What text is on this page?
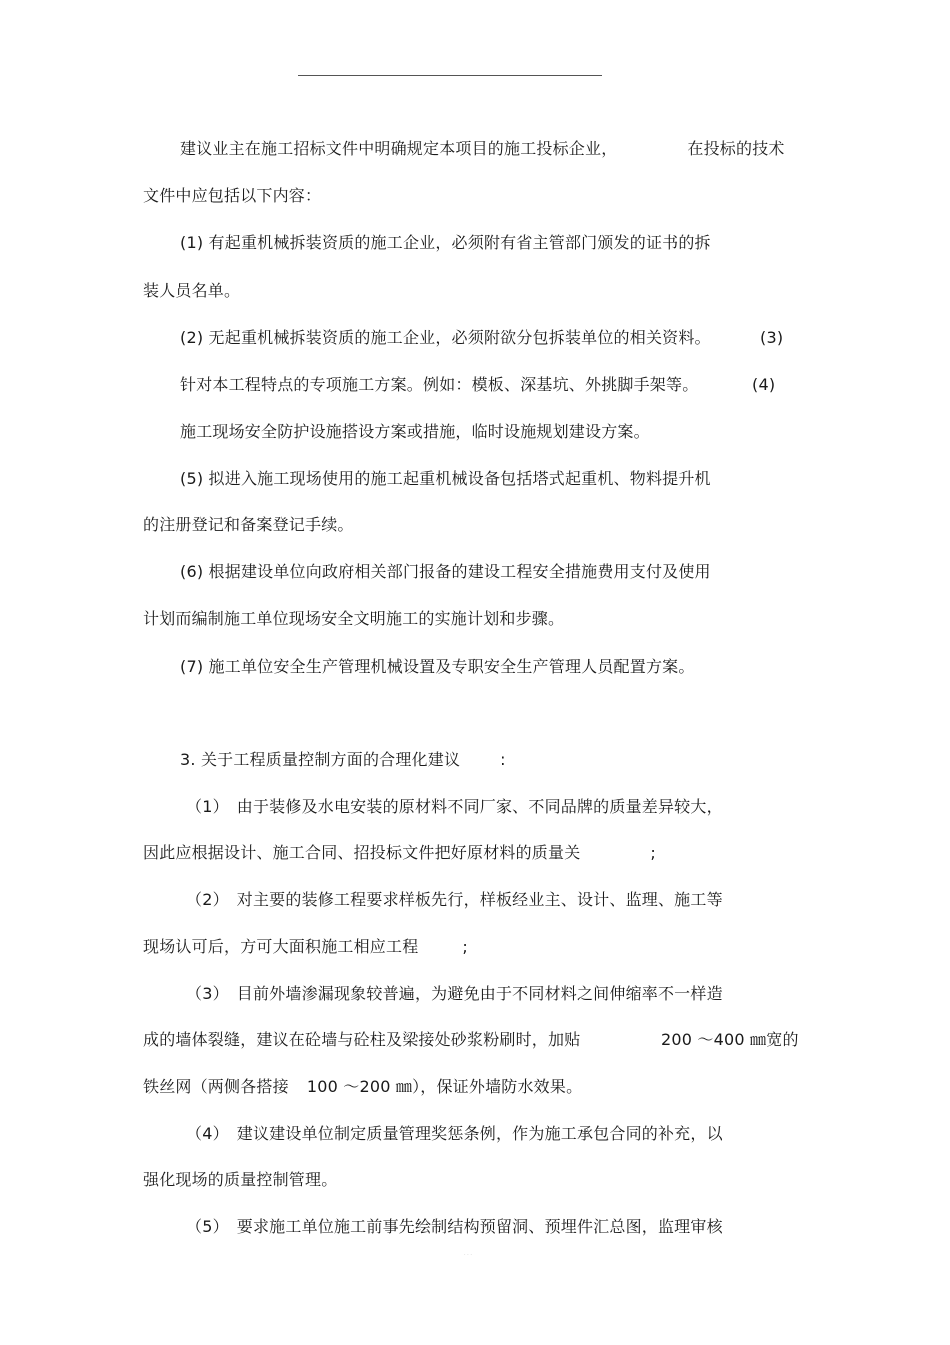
建议业主在施工招标文件中明确规定本项目的施工投标企业，	在投标的技术
文件中应包括以下内容：
(1) 有起重机械拆装资质的施工企业，必须附有省主管部门颁发的证书的拆
装人员名单。
(2) 无起重机械拆装资质的施工企业，必须附欲分包拆装单位的相关资料。	(3)
针对本工程特点的专项施工方案。例如：模板、深基坑、外挑脚手架等。	(4)
施工现场安全防护设施搭设方案或措施，临时设施规划建设方案。
(5) 拟进入施工现场使用的施工起重机械设备包括塔式起重机、物料提升机
的注册登记和备案登记手续。
(6) 根据建设单位向政府相关部门报备的建设工程安全措施费用支付及使用
计划而编制施工单位现场安全文明施工的实施计划和步骤。
(7) 施工单位安全生产管理机械设置及专职安全生产管理人员配置方案。
3. 关于工程质量控制方面的合理化建议	:
（1） 由于装修及水电安装的原材料不同厂家、不同品牌的质量差异较大，
因此应根据设计、施工合同、招投标文件把好原材料的质量关	;
（2） 对主要的装修工程要求样板先行，样板经业主、设计、监理、施工等
现场认可后，方可大面积施工相应工程	;
（3） 目前外墙渗漏现象较普遍，为避免由于不同材料之间伸缩率不一样造
成的墙体裂缝，建议在砼墙与砼柱及梁接处砂浆粉刷时，加贴	200 ～400 ㎜宽的
铁丝网（两侧各搭接 100 ～200 ㎜），保证外墙防水效果。
（4） 建议建设单位制定质量管理奖惩条例，作为施工承包合同的补充，以
强化现场的质量控制管理。
（5） 要求施工单位施工前事先绘制结构预留洞、预埋件汇总图，监理审核
· · ·
